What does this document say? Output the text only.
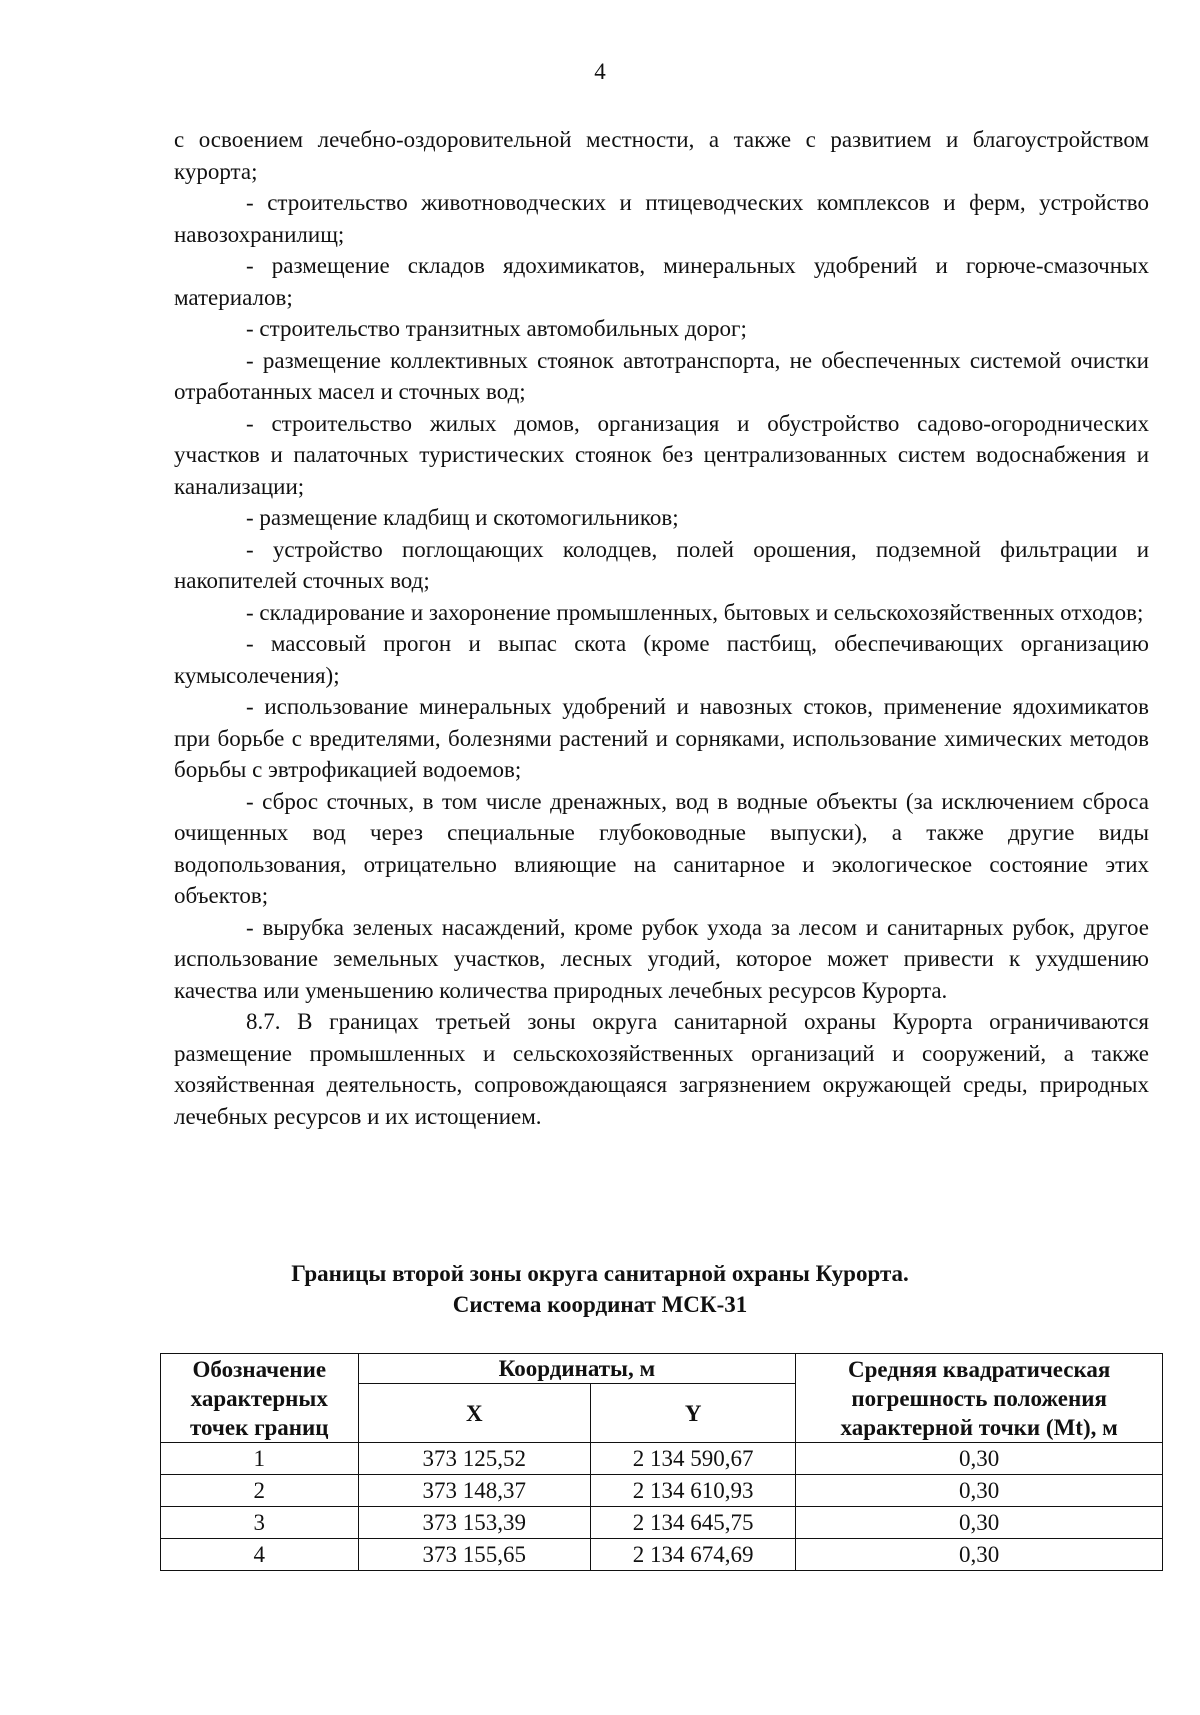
4

с освоением лечебно-оздоровительной местности, а также с развитием и благоустройством курорта;

- строительство животноводческих и птицеводческих комплексов и ферм, устройство навозохранилищ;

- размещение складов ядохимикатов, минеральных удобрений и горюче-смазочных материалов;

- строительство транзитных автомобильных дорог;

- размещение коллективных стоянок автотранспорта, не обеспеченных системой очистки отработанных масел и сточных вод;

- строительство жилых домов, организация и обустройство садово-огороднических участков и палаточных туристических стоянок без централизованных систем водоснабжения и канализации;

- размещение кладбищ и скотомогильников;

- устройство поглощающих колодцев, полей орошения, подземной фильтрации и накопителей сточных вод;

- складирование и захоронение промышленных, бытовых и сельскохозяйственных отходов;

- массовый прогон и выпас скота (кроме пастбищ, обеспечивающих организацию кумысолечения);

- использование минеральных удобрений и навозных стоков, применение ядохимикатов при борьбе с вредителями, болезнями растений и сорняками, использование химических методов борьбы с эвтрофикацией водоемов;

- сброс сточных, в том числе дренажных, вод в водные объекты (за исключением сброса очищенных вод через специальные глубоководные выпуски), а также другие виды водопользования, отрицательно влияющие на санитарное и экологическое состояние этих объектов;

- вырубка зеленых насаждений, кроме рубок ухода за лесом и санитарных рубок, другое использование земельных участков, лесных угодий, которое может привести к ухудшению качества или уменьшению количества природных лечебных ресурсов Курорта.

8.7. В границах третьей зоны округа санитарной охраны Курорта ограничиваются размещение промышленных и сельскохозяйственных организаций и сооружений, а также хозяйственная деятельность, сопровождающаяся загрязнением окружающей среды, природных лечебных ресурсов и их истощением.

Границы второй зоны округа санитарной охраны Курорта.
Система координат МСК-31
Обозначение характерных точек границ	Координаты, м		Средняя квадратическая погрешность положения характерной точки (Mt), м
	X	Y	
1	373 125,52	2 134 590,67	0,30
2	373 148,37	2 134 610,93	0,30
3	373 153,39	2 134 645,75	0,30
4	373 155,65	2 134 674,69	0,30
